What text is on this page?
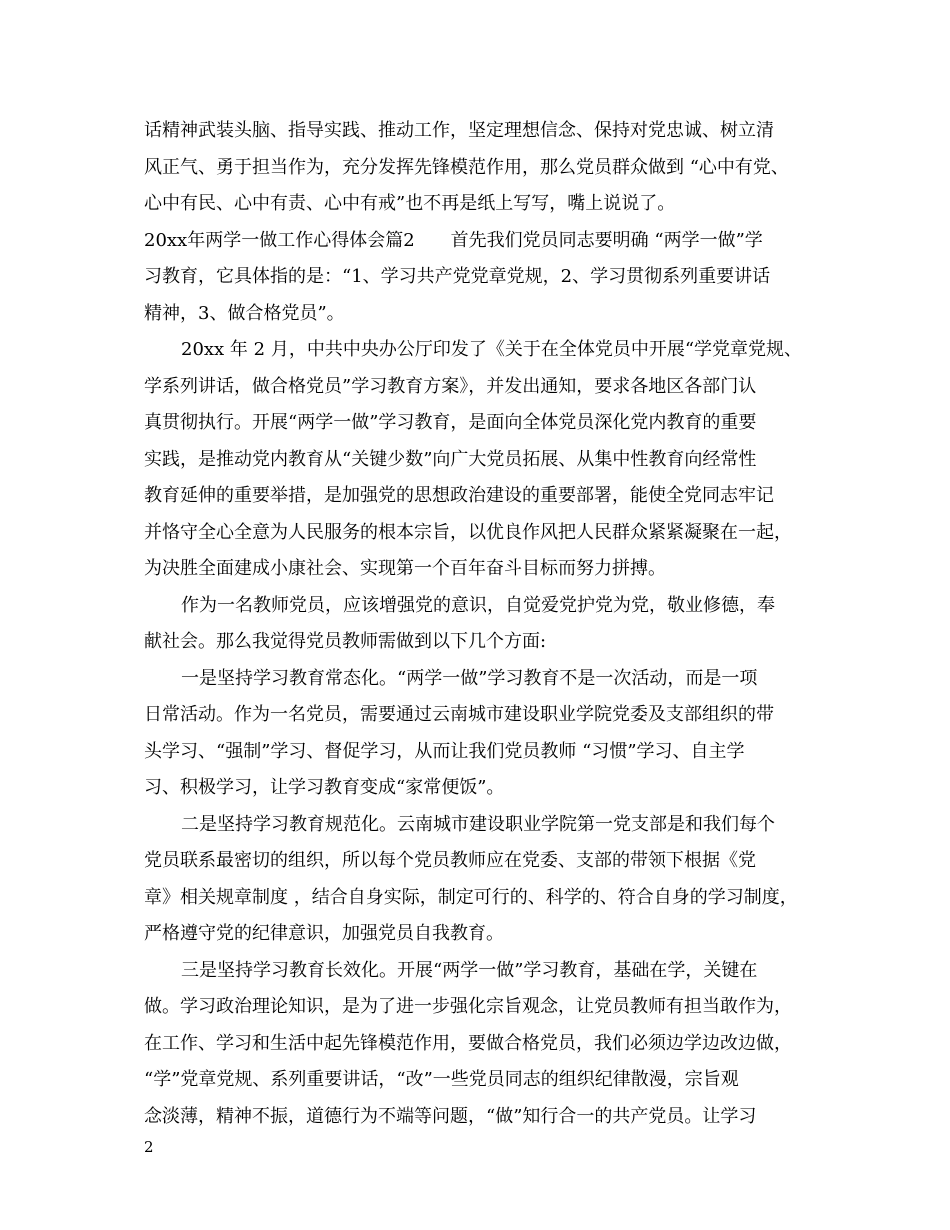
话精神武装头脑、指导实践、推动工作，坚定理想信念、保持对党忠诚、树立清
风正气、勇于担当作为，充分发挥先锋模范作用，那么党员群众做到 “心中有党、
心中有民、心中有责、心中有戒”也不再是纸上写写，嘴上说说了。
20xx年两学一做工作心得体会篇2　　首先我们党员同志要明确 “两学一做”学
习教育，它具体指的是：“1、学习共产党党章党规，2、学习贯彻系列重要讲话
精神，3、做合格党员”。
20xx 年 2 月，中共中央办公厅印发了《关于在全体党员中开展“学党章党规、
学系列讲话，做合格党员”学习教育方案》，并发出通知，要求各地区各部门认
真贯彻执行。开展“两学一做”学习教育，是面向全体党员深化党内教育的重要
实践，是推动党内教育从“关键少数”向广大党员拓展、从集中性教育向经常性
教育延伸的重要举措，是加强党的思想政治建设的重要部署，能使全党同志牢记
并恪守全心全意为人民服务的根本宗旨，以优良作风把人民群众紧紧凝聚在一起，
为决胜全面建成小康社会、实现第一个百年奋斗目标而努力拼搏。
作为一名教师党员，应该增强党的意识，自觉爱党护党为党，敬业修德，奉
献社会。那么我觉得党员教师需做到以下几个方面:
一是坚持学习教育常态化。“两学一做”学习教育不是一次活动，而是一项
日常活动。作为一名党员，需要通过云南城市建设职业学院党委及支部组织的带
头学习、“强制”学习、督促学习，从而让我们党员教师 “习惯”学习、自主学
习、积极学习，让学习教育变成“家常便饭”。
二是坚持学习教育规范化。云南城市建设职业学院第一党支部是和我们每个
党员联系最密切的组织，所以每个党员教师应在党委、支部的带领下根据《党
章》相关规章制度 ，结合自身实际，制定可行的、科学的、符合自身的学习制度，
严格遵守党的纪律意识，加强党员自我教育。
三是坚持学习教育长效化。开展“两学一做”学习教育，基础在学，关键在
做。学习政治理论知识，是为了进一步强化宗旨观念，让党员教师有担当敢作为，
在工作、学习和生活中起先锋模范作用，要做合格党员，我们必须边学边改边做，
“学”党章党规、系列重要讲话，“改”一些党员同志的组织纪律散漫，宗旨观
念淡薄，精神不振，道德行为不端等问题，“做”知行合一的共产党员。让学习
2
